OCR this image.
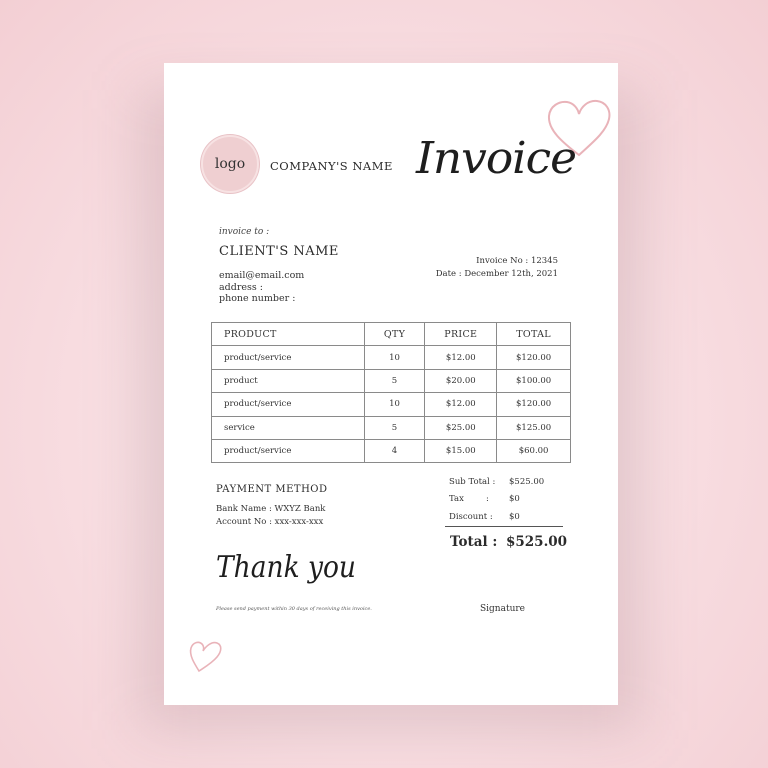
logo COMPANY'S NAME Invoice
invoice to :
CLIENT'S NAME
email@email.com
address :
phone number :
Invoice No : 12345
Date : December 12th, 2021
PRODUCT	QTY	PRICE	TOTAL
product/service	10	$12.00	$120.00
product	5	$20.00	$100.00
product/service	10	$12.00	$120.00
service	5	$25.00	$125.00
product/service	4	$15.00	$60.00
PAYMENT METHOD
Bank Name : WXYZ Bank
Account No : xxx-xxx-xxx
Sub Total : $525.00
Tax	: $0
Discount : $0
Total : $525.00
Thank you
Please send payment within 30 days of receiving this invoice.	Signature
